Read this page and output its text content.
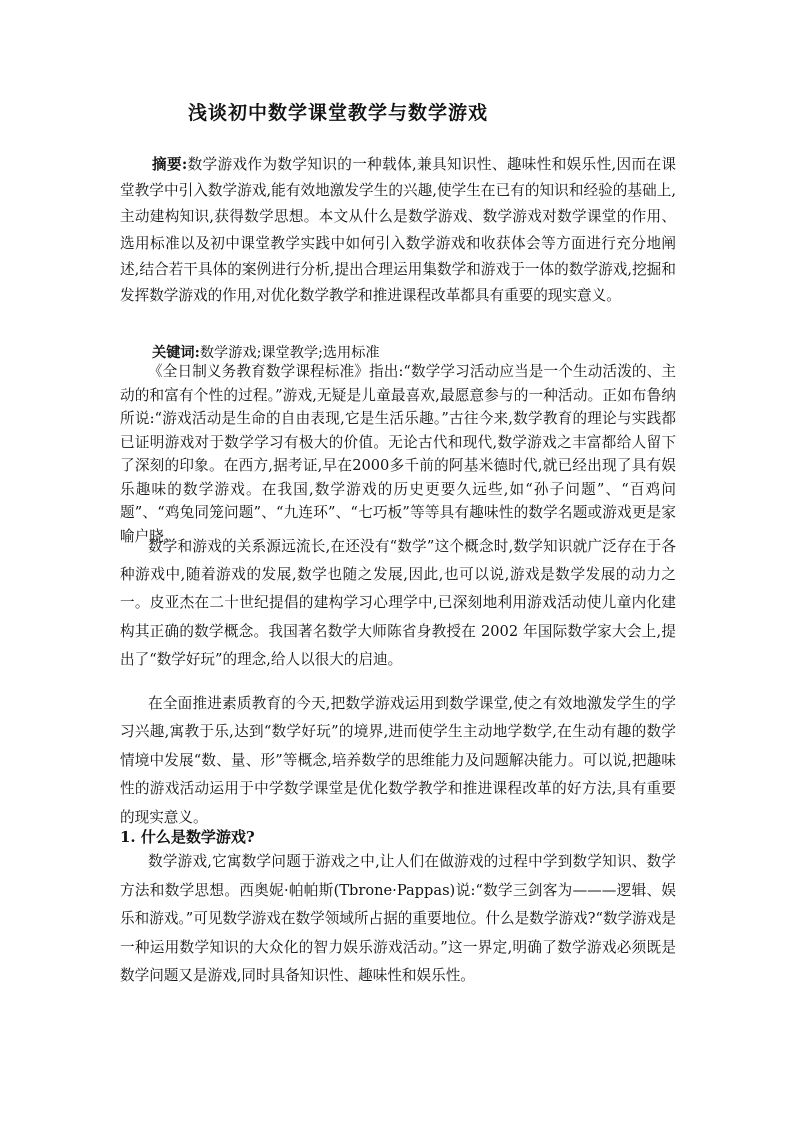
浅谈初中数学课堂教学与数学游戏

摘要:数学游戏作为数学知识的一种载体,兼具知识性、趣味性和娱乐性,因而在课堂教学中引入数学游戏,能有效地激发学生的兴趣,使学生在已有的知识和经验的基础上,主动建构知识,获得数学思想。本文从什么是数学游戏、数学游戏对数学课堂的作用、选用标准以及初中课堂教学实践中如何引入数学游戏和收获体会等方面进行充分地阐述,结合若干具体的案例进行分析,提出合理运用集数学和游戏于一体的数学游戏,挖掘和发挥数学游戏的作用,对优化数学教学和推进课程改革都具有重要的现实意义。

关键词:数学游戏;课堂教学;选用标准

《全日制义务教育数学课程标准》指出:“数学学习活动应当是一个生动活泼的、主动的和富有个性的过程。”游戏,无疑是儿童最喜欢,最愿意参与的一种活动。正如布鲁纳所说:“游戏活动是生命的自由表现,它是生活乐趣。”古往今来,数学教育的理论与实践都已证明游戏对于数学学习有极大的价值。无论古代和现代,数学游戏之丰富都给人留下了深刻的印象。在西方,据考证,早在2000多千前的阿基米德时代,就已经出现了具有娱乐趣味的数学游戏。在我国,数学游戏的历史更要久远些,如“孙子问题”、“百鸡问题”、“鸡兔同笼问题”、“九连环”、“七巧板”等等具有趣味性的数学名题或游戏更是家喻户晓。

数学和游戏的关系源远流长,在还没有“数学”这个概念时,数学知识就广泛存在于各种游戏中,随着游戏的发展,数学也随之发展,因此,也可以说,游戏是数学发展的动力之一。皮亚杰在二十世纪提倡的建构学习心理学中,已深刻地利用游戏活动使儿童内化建构其正确的数学概念。我国著名数学大师陈省身教授在 2002 年国际数学家大会上,提出了“数学好玩”的理念,给人以很大的启迪。

在全面推进素质教育的今天,把数学游戏运用到数学课堂,使之有效地激发学生的学习兴趣,寓教于乐,达到“数学好玩”的境界,进而使学生主动地学数学,在生动有趣的数学情境中发展“数、量、形”等概念,培养数学的思维能力及问题解决能力。可以说,把趣味性的游戏活动运用于中学数学课堂是优化数学教学和推进课程改革的好方法,具有重要的现实意义。

1. 什么是数学游戏?

数学游戏,它寓数学问题于游戏之中,让人们在做游戏的过程中学到数学知识、数学方法和数学思想。西奥妮·帕帕斯(Tbrone·Pappas)说:“数学三剑客为———逻辑、娱乐和游戏。”可见数学游戏在数学领域所占据的重要地位。什么是数学游戏?“数学游戏是一种运用数学知识的大众化的智力娱乐游戏活动。”这一界定,明确了数学游戏必须既是数学问题又是游戏,同时具备知识性、趣味性和娱乐性。
